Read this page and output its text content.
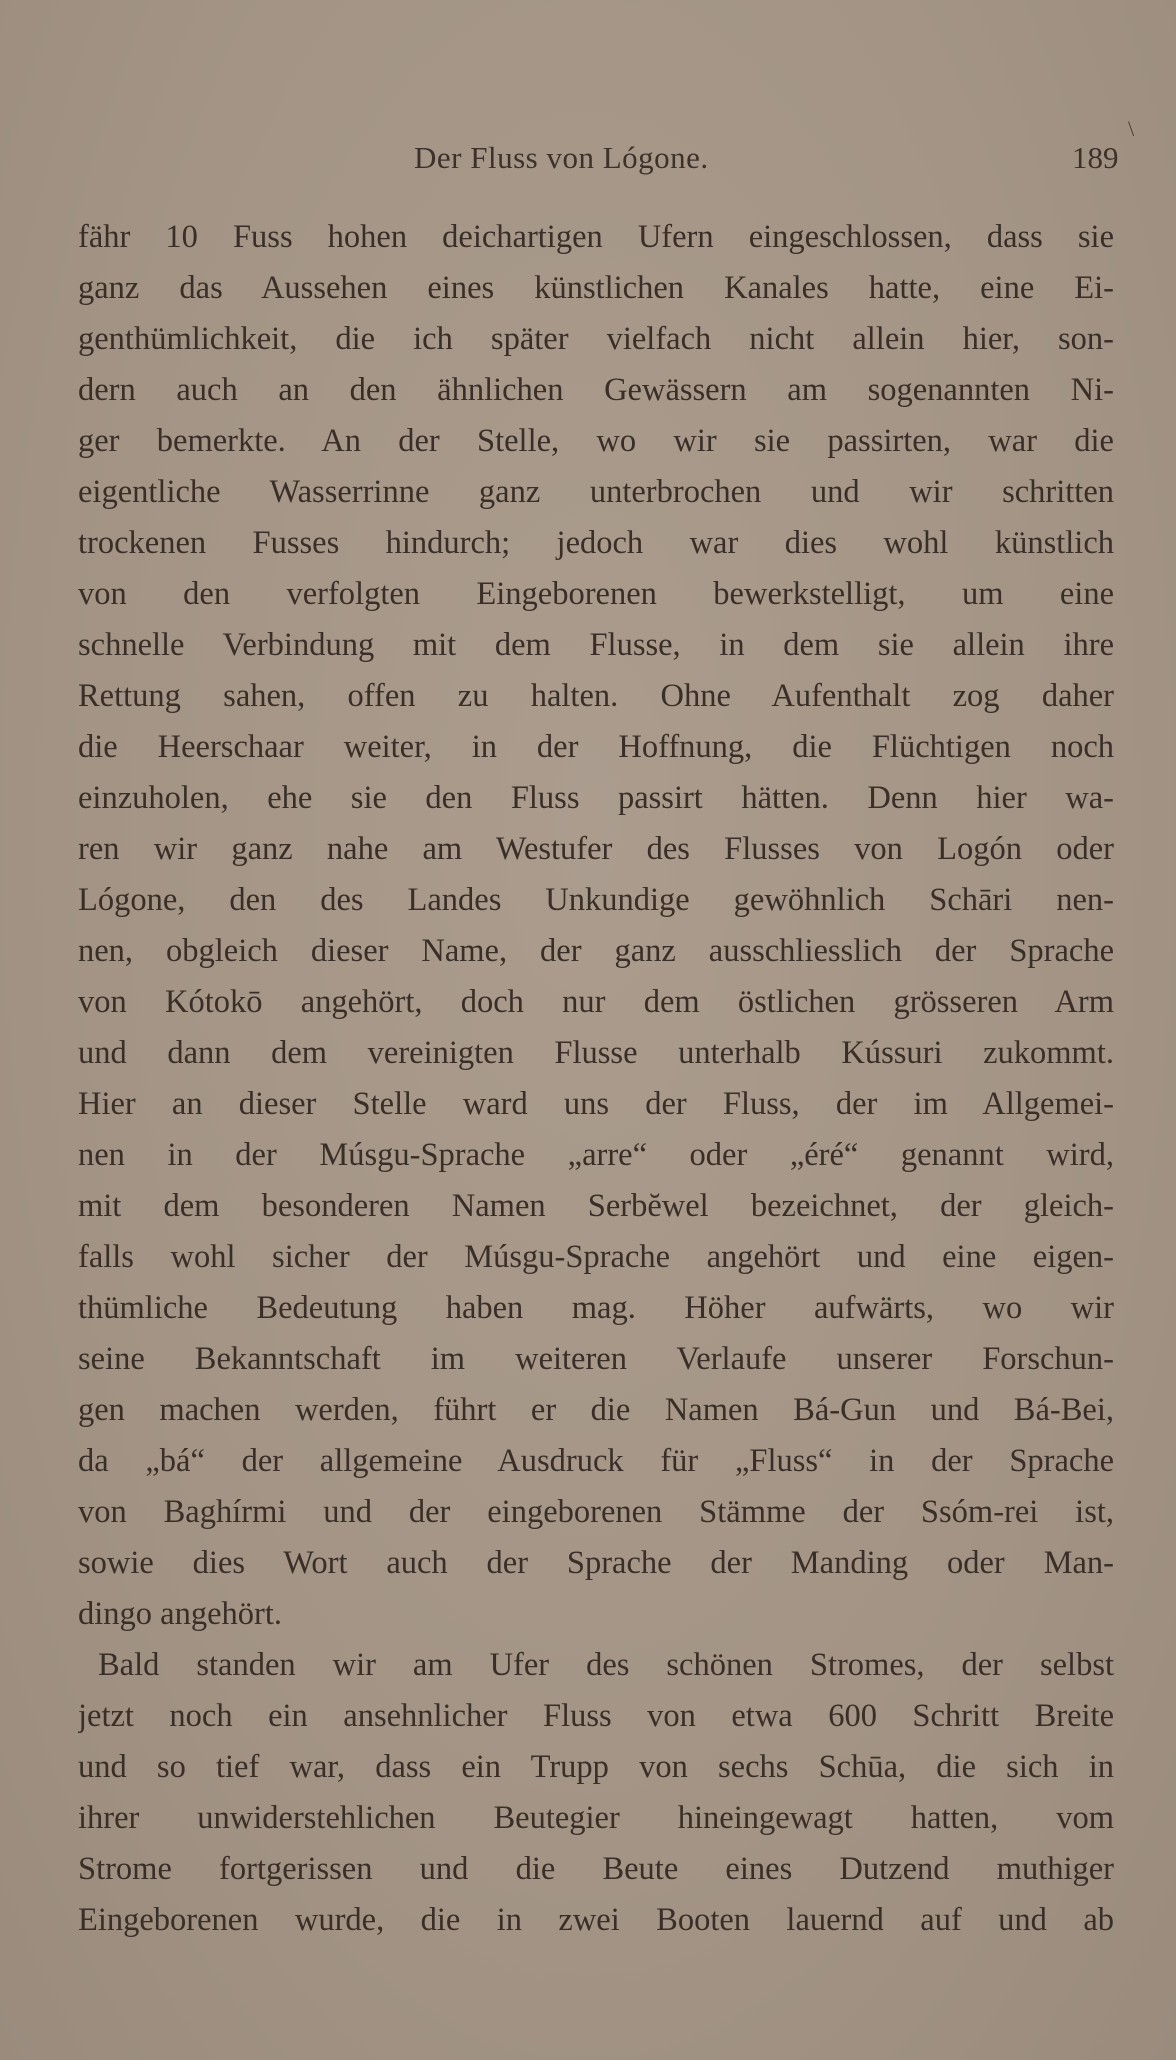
\
Der Fluss von Lógone.	189
fähr 10 Fuss hohen deichartigen Ufern eingeschlossen, dass sie
ganz das Aussehen eines künstlichen Kanales hatte, eine Ei-
genthümlichkeit, die ich später vielfach nicht allein hier, son-
dern auch an den ähnlichen Gewässern am sogenannten Ni-
ger bemerkte. An der Stelle, wo wir sie passirten, war die
eigentliche Wasserrinne ganz unterbrochen und wir schritten
trockenen Fusses hindurch; jedoch war dies wohl künstlich
von den verfolgten Eingeborenen bewerkstelligt, um eine
schnelle Verbindung mit dem Flusse, in dem sie allein ihre
Rettung sahen, offen zu halten. Ohne Aufenthalt zog daher
die Heerschaar weiter, in der Hoffnung, die Flüchtigen noch
einzuholen, ehe sie den Fluss passirt hätten. Denn hier wa-
ren wir ganz nahe am Westufer des Flusses von Logón oder
Lógone, den des Landes Unkundige gewöhnlich Schāri nen-
nen, obgleich dieser Name, der ganz ausschliesslich der Sprache
von Kótokō angehört, doch nur dem östlichen grösseren Arm
und dann dem vereinigten Flusse unterhalb Kússuri zukommt.
Hier an dieser Stelle ward uns der Fluss, der im Allgemei-
nen in der Músgu-Sprache „arre“ oder „éré“ genannt wird,
mit dem besonderen Namen Serbĕwel bezeichnet, der gleich-
falls wohl sicher der Músgu-Sprache angehört und eine eigen-
thümliche Bedeutung haben mag. Höher aufwärts, wo wir
seine Bekanntschaft im weiteren Verlaufe unserer Forschun-
gen machen werden, führt er die Namen Bá-Gun und Bá-Bei,
da „bá“ der allgemeine Ausdruck für „Fluss“ in der Sprache
von Baghírmi und der eingeborenen Stämme der Ssóm-rei ist,
sowie dies Wort auch der Sprache der Manding oder Man-
dingo angehört.
Bald standen wir am Ufer des schönen Stromes, der selbst
jetzt noch ein ansehnlicher Fluss von etwa 600 Schritt Breite
und so tief war, dass ein Trupp von sechs Schūa, die sich in
ihrer unwiderstehlichen Beutegier hineingewagt hatten, vom
Strome fortgerissen und die Beute eines Dutzend muthiger
Eingeborenen wurde, die in zwei Booten lauernd auf und ab
